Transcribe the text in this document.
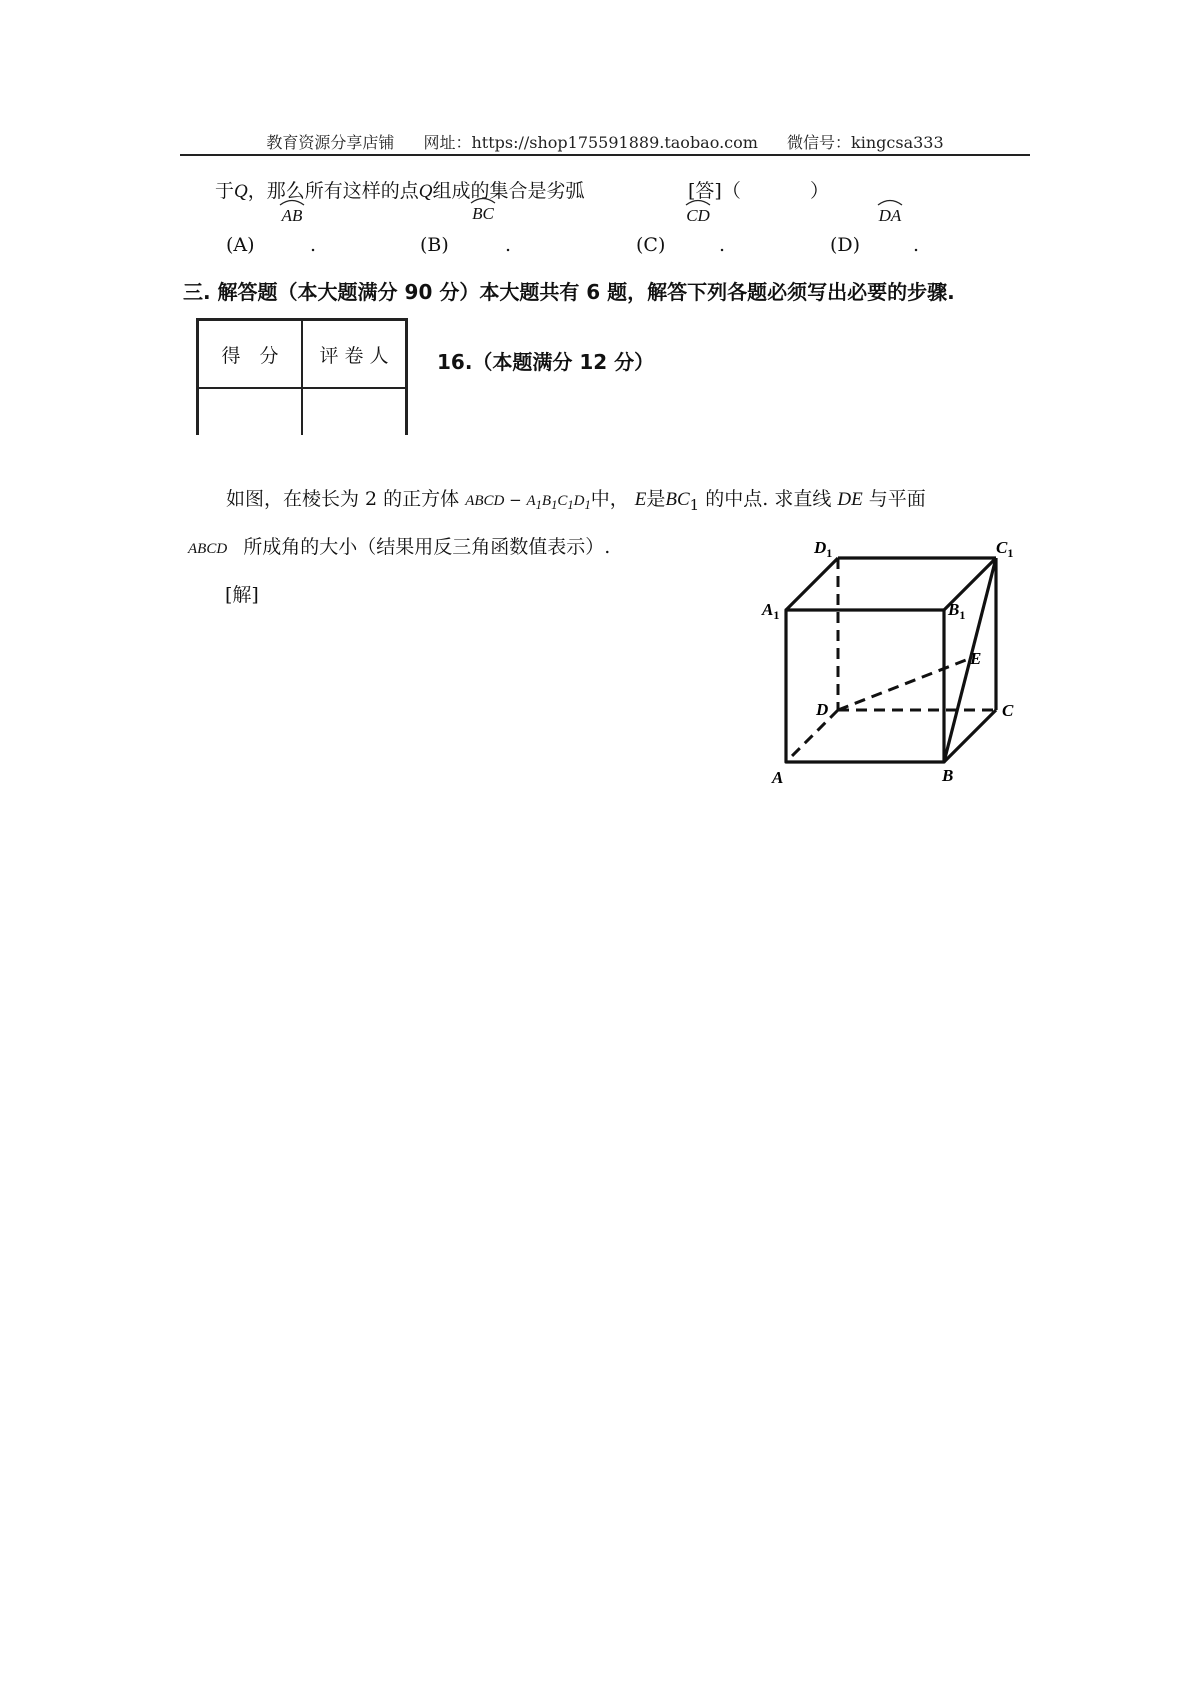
教育资源分享店铺 网址：https://shop175591889.taobao.com 微信号：kingcsa333
于Q，那么所有这样的点Q组成的集合是劣弧	[答]（	）
AB	BC	CD	DA
(A)	.	(B)	.	(C)	.	(D)	.
三. 解答题（本大题满分 90 分）本大题共有 6 题，解答下列各题必须写出必要的步骤.
得　分	评 卷 人
	16.（本题满分 12 分）
如图，在棱长为 2 的正方体 ABCD − $A_1B_1C_1D_1$中， E是$BC_1$ 的中点. 求直线 DE 与平面
ABCD 所成角的大小（结果用反三角函数值表示）.
[解]
$D_1$	$C_1$
$A_1$	$B_1$
E
D	C
A	B
